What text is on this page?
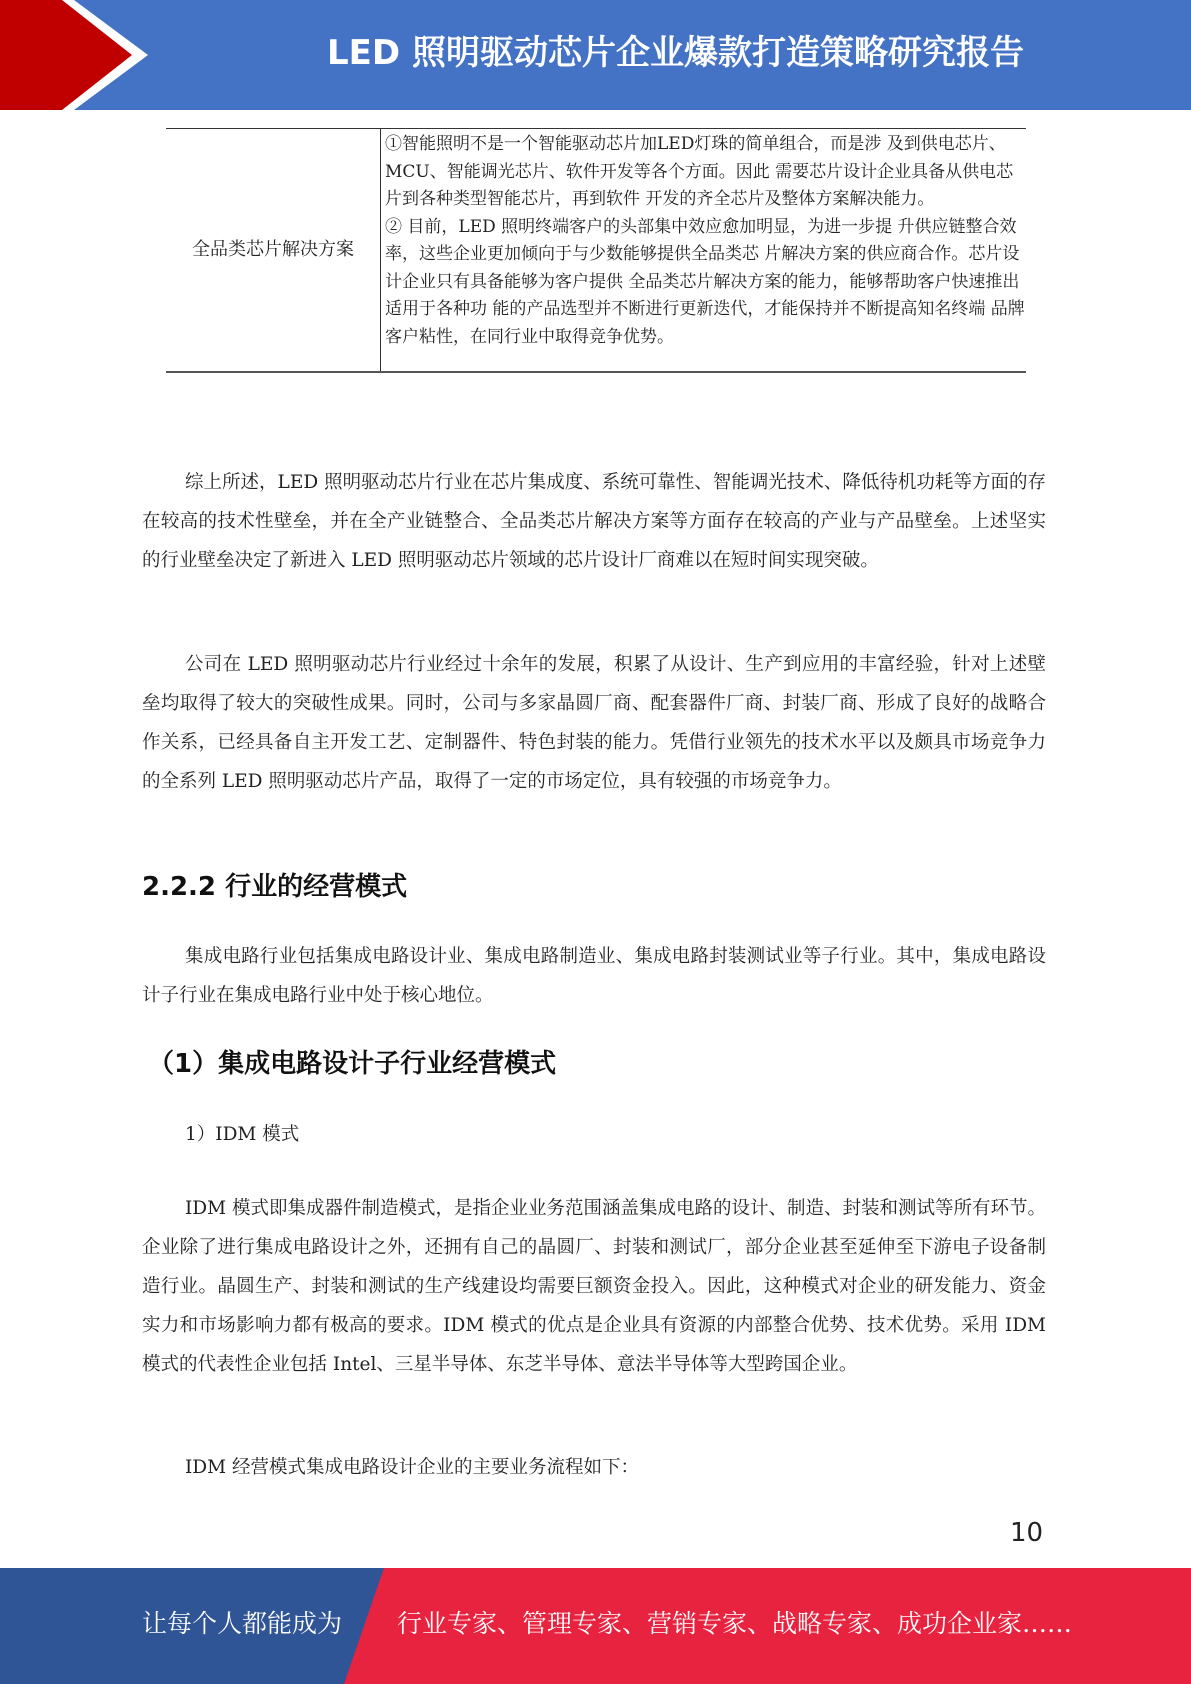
LED 照明驱动芯片企业爆款打造策略研究报告
全品类芯片解决方案	

①智能照明不是一个智能驱动芯片加LED灯珠的简单组合，而是涉 及到供电芯片、MCU、智能调光芯片、软件开发等各个方面。因此 需要芯片设计企业具备从供电芯片到各种类型智能芯片，再到软件 开发的齐全芯片及整体方案解决能力。

② 目前，LED 照明终端客户的头部集中效应愈加明显，为进一步提 升供应链整合效率，这些企业更加倾向于与少数能够提供全品类芯 片解决方案的供应商合作。芯片设计企业只有具备能够为客户提供 全品类芯片解决方案的能力，能够帮助客户快速推出适用于各种功 能的产品选型并不断进行更新迭代，才能保持并不断提高知名终端 品牌客户粘性，在同行业中取得竞争优势。

综上所述，LED 照明驱动芯片行业在芯片集成度、系统可靠性、智能调光技术、降低待机功耗等方面的存在较高的技术性壁垒，并在全产业链整合、全品类芯片解决方案等方面存在较高的产业与产品壁垒。上述坚实的行业壁垒决定了新进入 LED 照明驱动芯片领域的芯片设计厂商难以在短时间实现突破。

公司在 LED 照明驱动芯片行业经过十余年的发展，积累了从设计、生产到应用的丰富经验，针对上述壁垒均取得了较大的突破性成果。同时，公司与多家晶圆厂商、配套器件厂商、封装厂商、形成了良好的战略合作关系，已经具备自主开发工艺、定制器件、特色封装的能力。凭借行业领先的技术水平以及颇具市场竞争力的全系列 LED 照明驱动芯片产品，取得了一定的市场定位，具有较强的市场竞争力。

2.2.2 行业的经营模式

集成电路行业包括集成电路设计业、集成电路制造业、集成电路封装测试业等子行业。其中，集成电路设计子行业在集成电路行业中处于核心地位。

（1）集成电路设计子行业经营模式

1）IDM 模式

IDM 模式即集成器件制造模式，是指企业业务范围涵盖集成电路的设计、制造、封装和测试等所有环节。企业除了进行集成电路设计之外，还拥有自己的晶圆厂、封装和测试厂，部分企业甚至延伸至下游电子设备制造行业。晶圆生产、封装和测试的生产线建设均需要巨额资金投入。因此，这种模式对企业的研发能力、资金实力和市场影响力都有极高的要求。IDM 模式的优点是企业具有资源的内部整合优势、技术优势。采用 IDM 模式的代表性企业包括 Intel、三星半导体、东芝半导体、意法半导体等大型跨国企业。

IDM 经营模式集成电路设计企业的主要业务流程如下：

10
让每个人都能成为 行业专家、管理专家、营销专家、战略专家、成功企业家……
